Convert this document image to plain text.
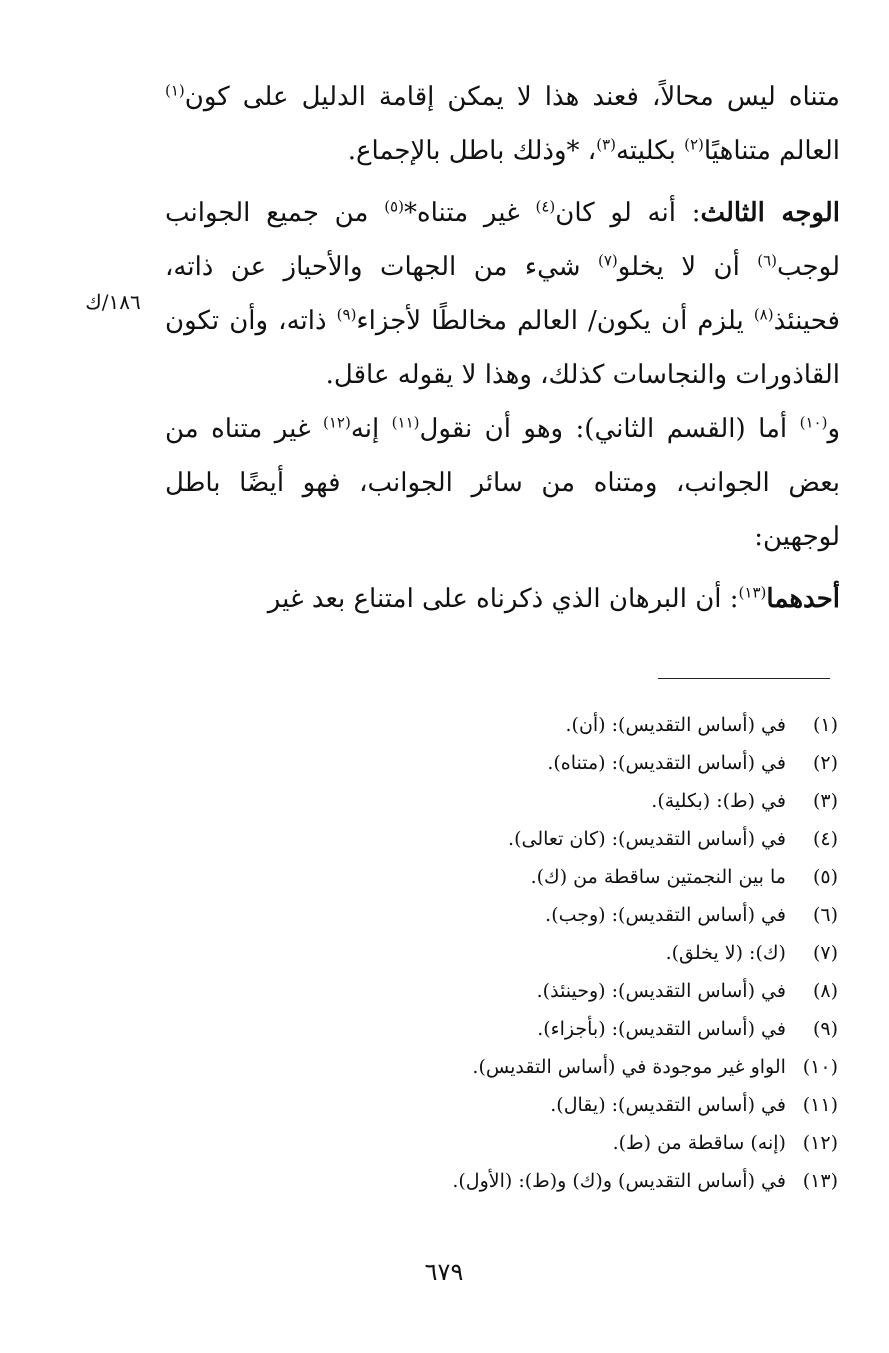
متناه ليس محالاً، فعند هذا لا يمكن إقامة الدليل على كون$^{(١)}$ العالم متناهيًا$^{(٢)}$ بكليته$^{(٣)}$، *وذلك باطل بالإجماع.

الوجه الثالث: أنه لو كان$^{(٤)}$ غير متناه*$^{(٥)}$ من جميع الجوانب لوجب$^{(٦)}$ أن لا يخلو$^{(٧)}$ شيء من الجهات والأحياز عن ذاته، فحينئذ$^{(٨)}$ يلزم أن يكون/ العالم مخالطًا لأجزاء$^{(٩)}$ ذاته، وأن تكون القاذورات والنجاسات كذلك، وهذا لا يقوله عاقل.

و$^{(١٠)}$ أما (القسم الثاني): وهو أن نقول$^{(١١)}$ إنه$^{(١٢)}$ غير متناه من بعض الجوانب، ومتناه من سائر الجوانب، فهو أيضًا باطل لوجهين:

أحدهما$^{(١٣)}$: أن البرهان الذي ذكرناه على امتناع بعد غير

١٨٦/ك
(١) في (أساس التقديس): (أن).
(٢) في (أساس التقديس): (متناه).
(٣) في (ط): (بكلية).
(٤) في (أساس التقديس): (كان تعالى).
(٥) ما بين النجمتين ساقطة من (ك).
(٦) في (أساس التقديس): (وجب).
(٧) (ك): (لا يخلق).
(٨) في (أساس التقديس): (وحينئذ).
(٩) في (أساس التقديس): (بأجزاء).
(١٠) الواو غير موجودة في (أساس التقديس).
(١١) في (أساس التقديس): (يقال).
(١٢) (إنه) ساقطة من (ط).
(١٣) في (أساس التقديس) و(ك) و(ط): (الأول).
٦٧٩
